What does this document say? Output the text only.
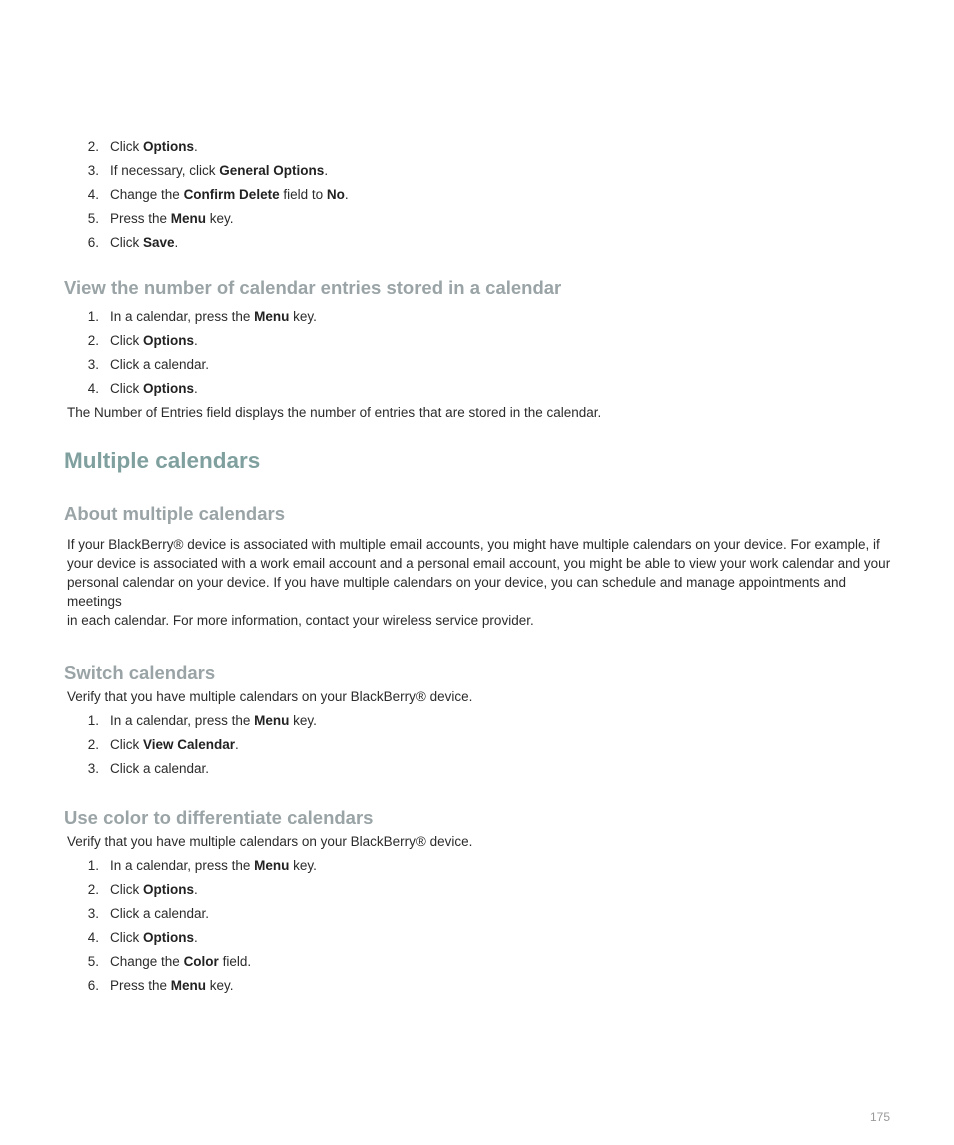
2. Click Options.
3. If necessary, click General Options.
4. Change the Confirm Delete field to No.
5. Press the Menu key.
6. Click Save.
View the number of calendar entries stored in a calendar
1. In a calendar, press the Menu key.
2. Click Options.
3. Click a calendar.
4. Click Options.

The Number of Entries field displays the number of entries that are stored in the calendar.

Multiple calendars
About multiple calendars

If your BlackBerry® device is associated with multiple email accounts, you might have multiple calendars on your device. For example, if

your device is associated with a work email account and a personal email account, you might be able to view your work calendar and your

personal calendar on your device. If you have multiple calendars on your device, you can schedule and manage appointments and meetings

in each calendar. For more information, contact your wireless service provider.

Switch calendars

Verify that you have multiple calendars on your BlackBerry® device.

1. In a calendar, press the Menu key.
2. Click View Calendar.
3. Click a calendar.
Use color to differentiate calendars

Verify that you have multiple calendars on your BlackBerry® device.

1. In a calendar, press the Menu key.
2. Click Options.
3. Click a calendar.
4. Click Options.
5. Change the Color field.
6. Press the Menu key.
175
